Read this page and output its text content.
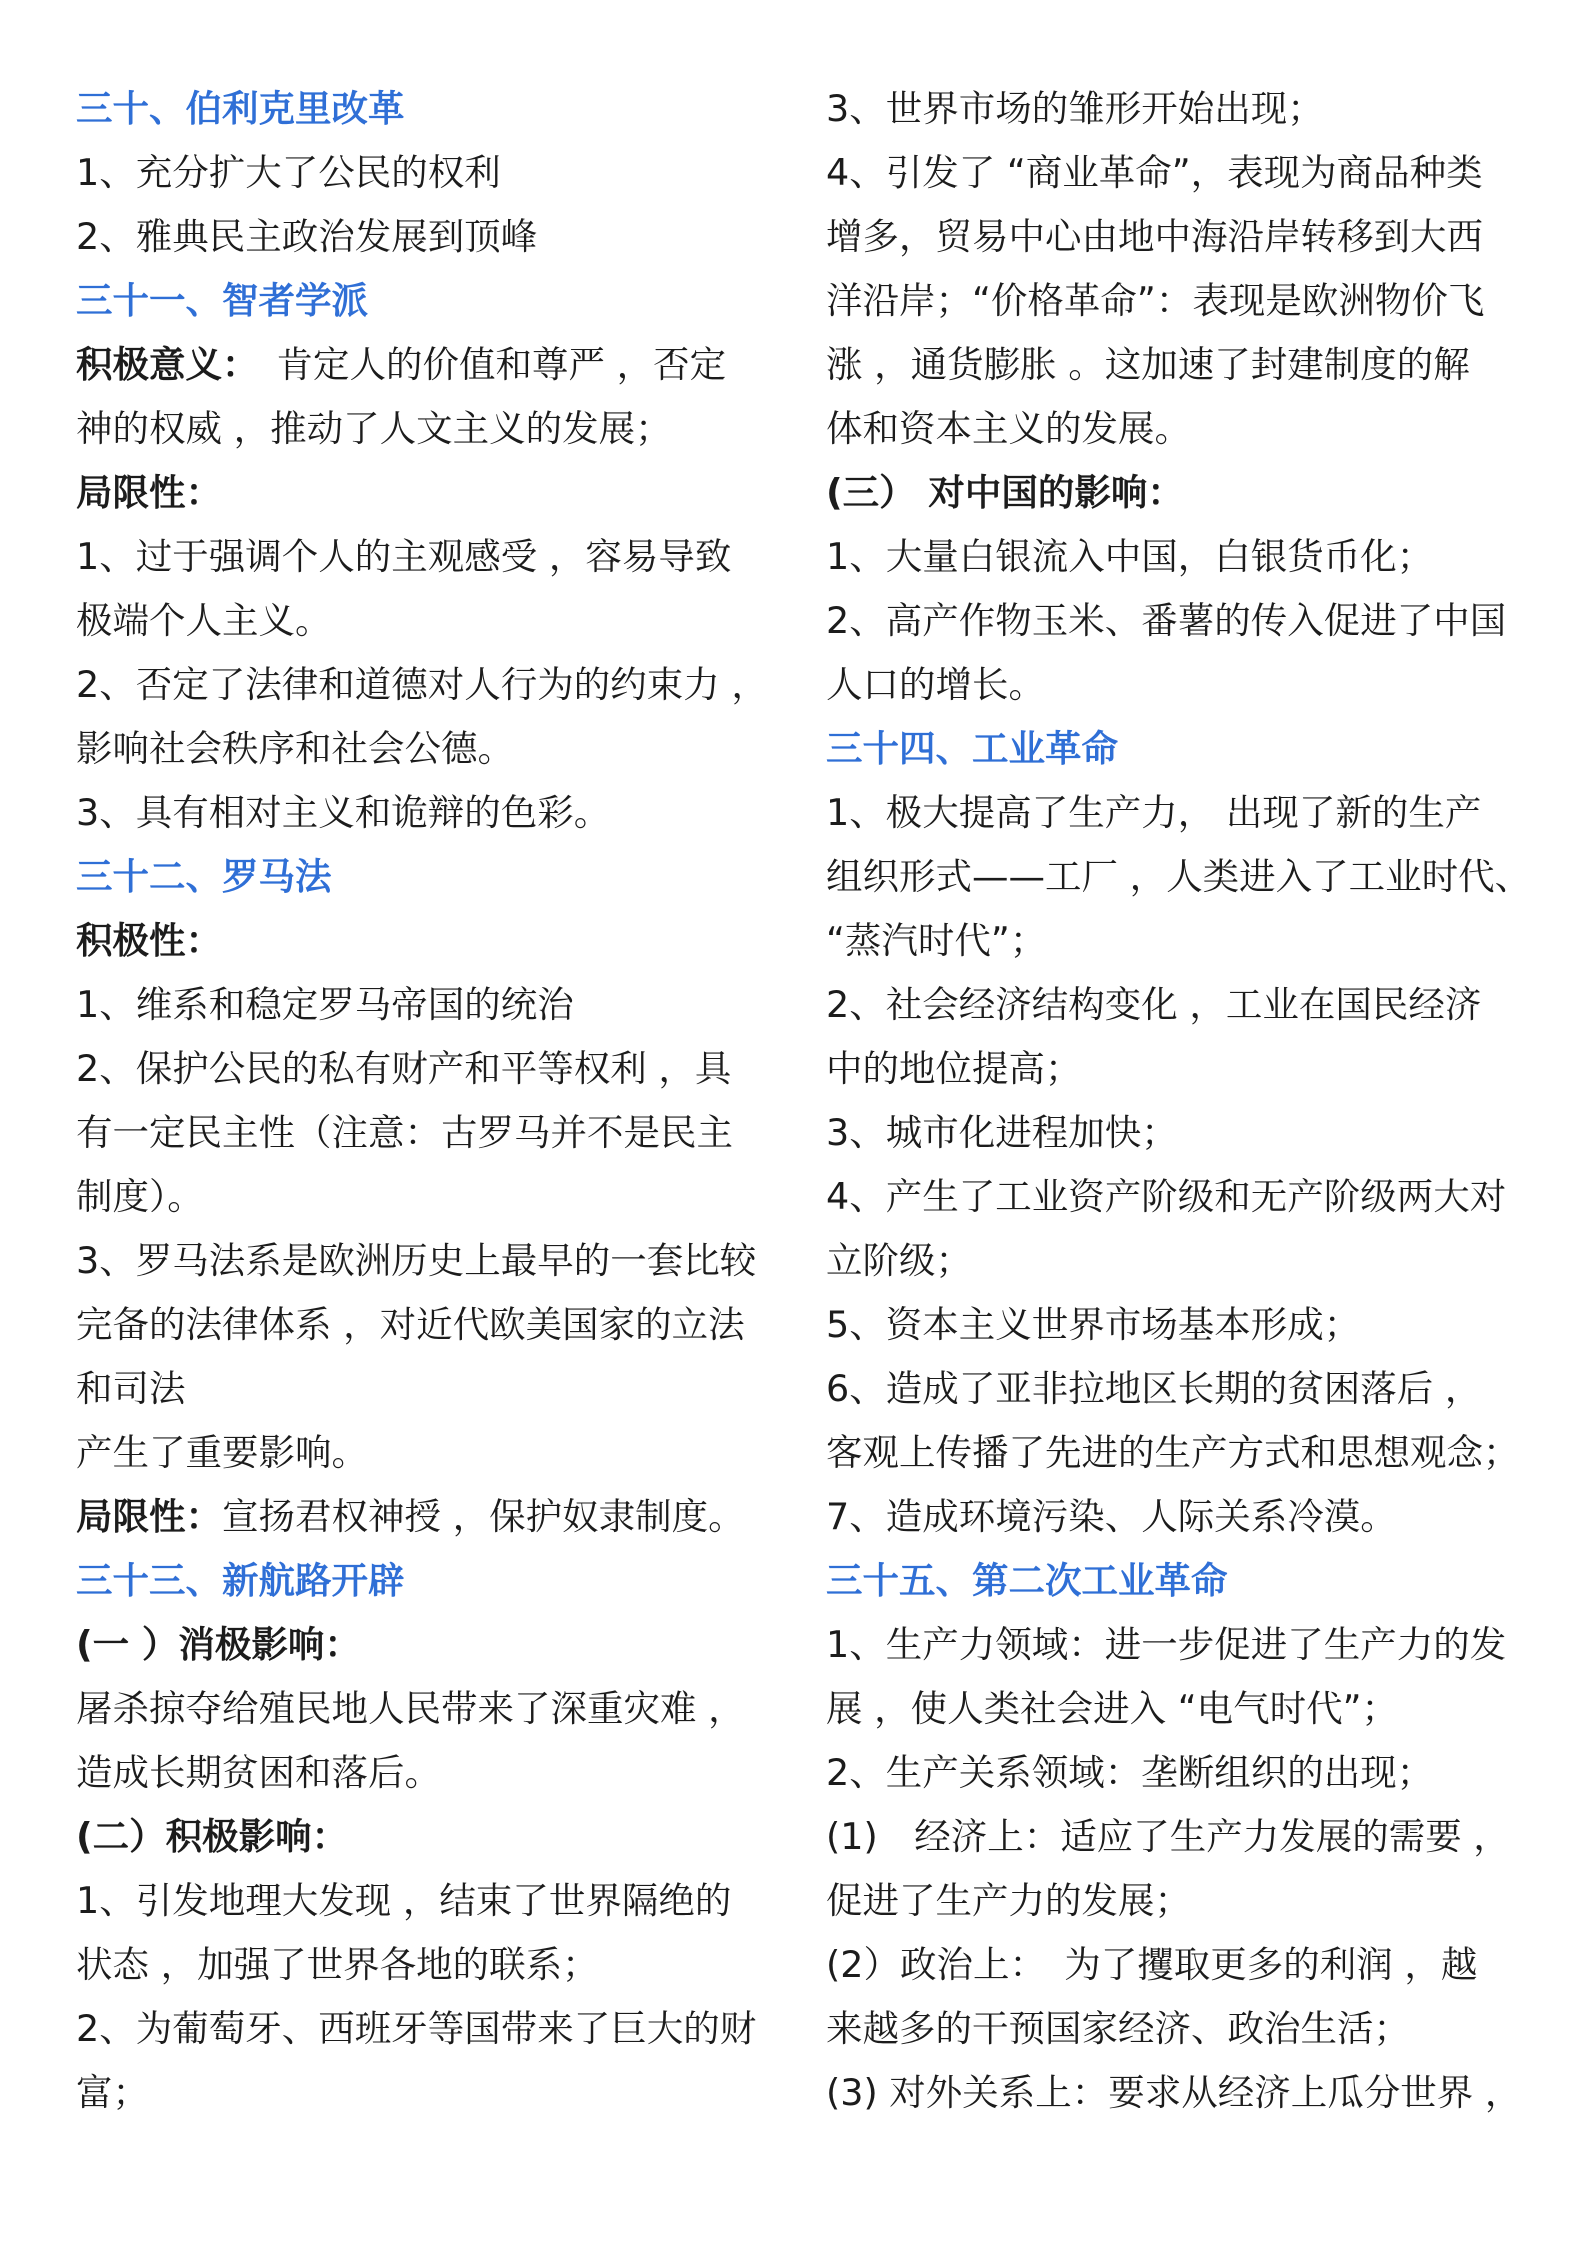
三十、伯利克里改革
1、充分扩大了公民的权利
2、雅典民主政治发展到顶峰
三十一、智者学派
积极意义： 肯定人的价值和尊严 ，否定
神的权威 ，推动了人文主义的发展；
局限性：
1、过于强调个人的主观感受 ，容易导致
极端个人主义。
2、否定了法律和道德对人行为的约束力 ，
影响社会秩序和社会公德。
3、具有相对主义和诡辩的色彩。
三十二、罗马法
积极性：
1、维系和稳定罗马帝国的统治
2、保护公民的私有财产和平等权利 ，具
有一定民主性（注意：古罗马并不是民主
制度）。
3、罗马法系是欧洲历史上最早的一套比较
完备的法律体系 ，对近代欧美国家的立法
和司法
产生了重要影响。
局限性：宣扬君权神授 ，保护奴隶制度。
三十三、新航路开辟
(一 ）消极影响：
屠杀掠夺给殖民地人民带来了深重灾难 ，
造成长期贫困和落后。
(二）积极影响：
1、引发地理大发现 ，结束了世界隔绝的
状态 ，加强了世界各地的联系；
2、为葡萄牙、西班牙等国带来了巨大的财
富；
3、世界市场的雏形开始出现；
4、引发了 “商业革命”，表现为商品种类
增多，贸易中心由地中海沿岸转移到大西
洋沿岸；“价格革命”：表现是欧洲物价飞
涨 ，通货膨胀 。这加速了封建制度的解
体和资本主义的发展。
(三） 对中国的影响：
1、大量白银流入中国，白银货币化；
2、高产作物玉米、番薯的传入促进了中国
人口的增长。
三十四、工业革命
1、极大提高了生产力， 出现了新的生产
组织形式——工厂 ，人类进入了工业时代、
“蒸汽时代”；
2、社会经济结构变化 ，工业在国民经济
中的地位提高；
3、城市化进程加快；
4、产生了工业资产阶级和无产阶级两大对
立阶级；
5、资本主义世界市场基本形成；
6、造成了亚非拉地区长期的贫困落后 ，
客观上传播了先进的生产方式和思想观念；
7、造成环境污染、人际关系冷漠。
三十五、第二次工业革命
1、生产力领域：进一步促进了生产力的发
展 ，使人类社会进入 “电气时代”；
2、生产关系领域：垄断组织的出现；
(1)　经济上：适应了生产力发展的需要 ，
促进了生产力的发展；
(2）政治上：　为了攫取更多的利润 ，越
来越多的干预国家经济、政治生活；
(3) 对外关系上：要求从经济上瓜分世界 ，
